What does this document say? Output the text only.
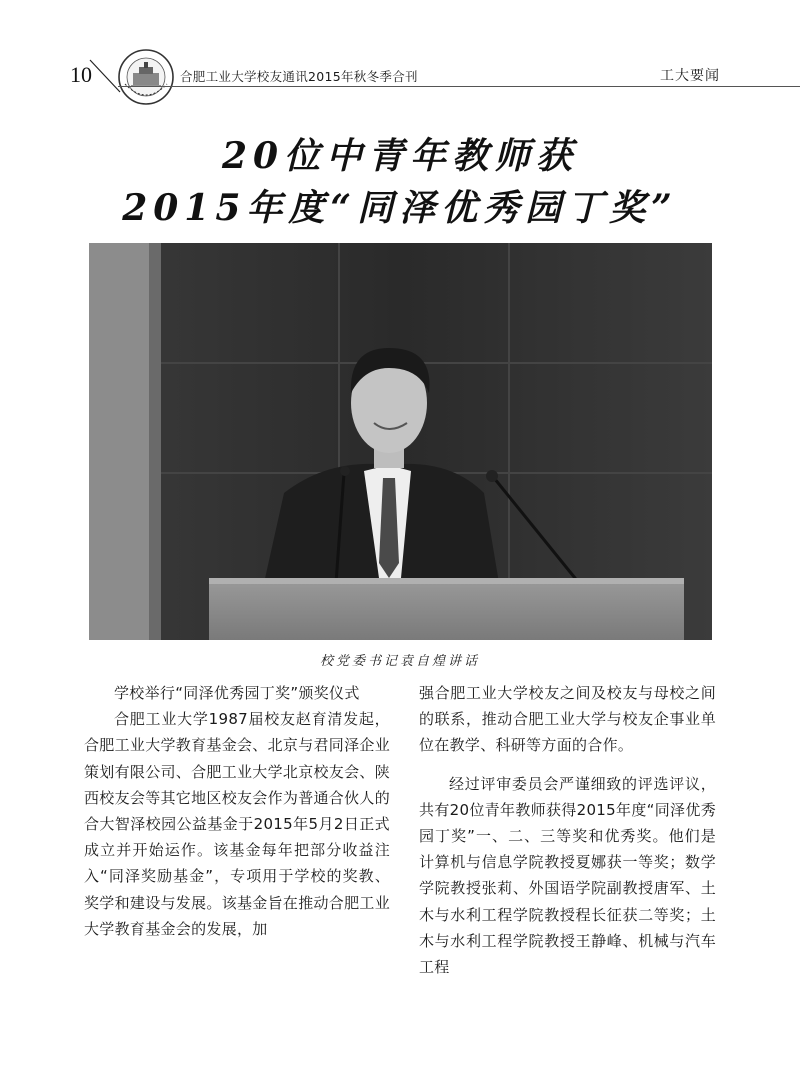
10	合肥工业大学校友通讯2015年秋冬季合刊	工大要闻
20位中青年教师获
2015年度“同泽优秀园丁奖”
校党委书记袁自煌讲话

学校举行“同泽优秀园丁奖”颁奖仪式

合肥工业大学1987届校友赵育清发起，合肥工业大学教育基金会、北京与君同泽企业策划有限公司、合肥工业大学北京校友会、陕西校友会等其它地区校友会作为普通合伙人的合大智泽校园公益基金于2015年5月2日正式成立并开始运作。该基金每年把部分收益注入“同泽奖励基金”，专项用于学校的奖教、奖学和建设与发展。该基金旨在推动合肥工业大学教育基金会的发展，加

强合肥工业大学校友之间及校友与母校之间的联系，推动合肥工业大学与校友企事业单位在教学、科研等方面的合作。

经过评审委员会严谨细致的评选评议，共有20位青年教师获得2015年度“同泽优秀园丁奖”一、二、三等奖和优秀奖。他们是计算机与信息学院教授夏娜获一等奖；数学学院教授张莉、外国语学院副教授唐军、土木与水利工程学院教授程长征获二等奖；土木与水利工程学院教授王静峰、机械与汽车工程
